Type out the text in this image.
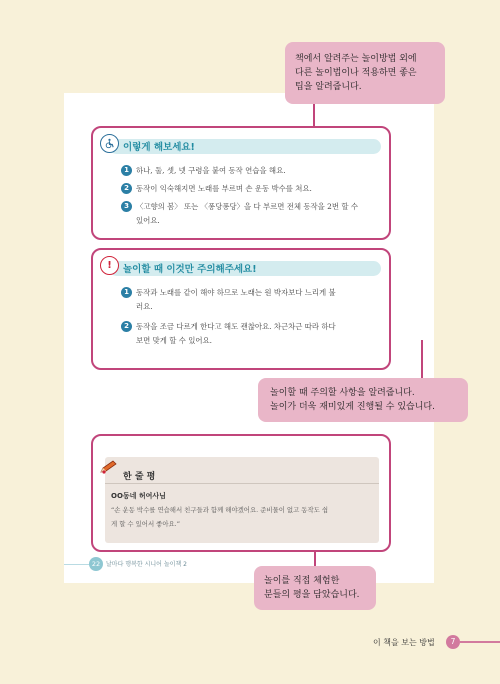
이렇게 해보세요!
1 하나, 둘, 셋, 넷 구령을 붙여 동작 연습을 해요.
2 동작이 익숙해지면 노래를 부르며 손 운동 박수를 쳐요.
3 〈고향의 봄〉 또는 〈퐁당퐁당〉을 다 부르면 전체 동작을 2번 할 수
있어요.
!	놀이할 때 이것만 주의해주세요!
1 동작과 노래를 같이 해야 하므로 노래는 원 박자보다 느리게 불
러요.
2 동작을 조금 다르게 한다고 해도 괜찮아요. 차근차근 따라 하다
보면 맞게 할 수 있어요.
한 줄 평
OO동네 허여사님
“손 운동 박수를 연습해서 친구들과 함께 해야겠어요. 준비물이 없고 동작도 쉽
게 할 수 있어서 좋아요.”
22 날마다 행복한 시니어 놀이책 2
책에서 알려주는 놀이방법 외에
다른 놀이법이나 적용하면 좋은
팁을 알려줍니다.
놀이할 때 주의할 사항을 알려줍니다.
놀이가 더욱 재미있게 진행될 수 있습니다.
놀이를 직접 체험한
분들의 평을 담았습니다.
이 책을 보는 방법	7
